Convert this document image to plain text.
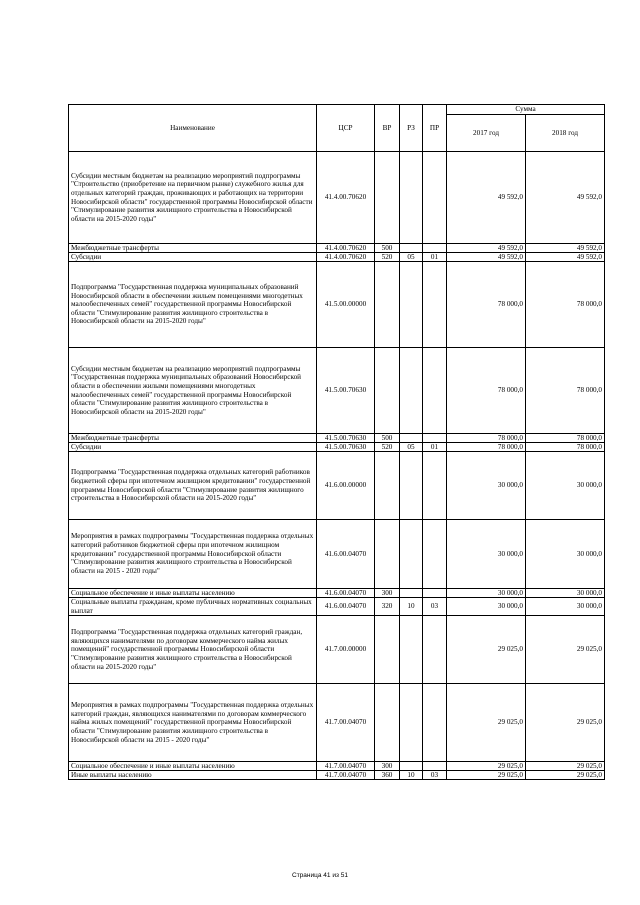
Наименование	ЦСР	ВР	РЗ	ПР	Сумма	
					2017 год	2018 год
Субсидии местным бюджетам на реализацию мероприятий подпрограммы "Строительство (приобретение на первичном рынке) служебного жилья для отдельных категорий граждан, проживающих и работающих на территории Новосибирской области" государственной программы Новосибирской области "Стимулирование развития жилищного строительства в Новосибирской области на 2015-2020 годы"	41.4.00.70620				49 592,0	49 592,0
Межбюджетные трансферты	41.4.00.70620	500			49 592,0	49 592,0
Субсидии	41.4.00.70620	520	05	01	49 592,0	49 592,0
Подпрограмма "Государственная поддержка муниципальных образований Новосибирской области в обеспечении жильем помещениями многодетных малообеспеченных семей" государственной программы Новосибирской области "Стимулирование развития жилищного строительства в Новосибирской области на 2015-2020 годы"	41.5.00.00000				78 000,0	78 000,0
Субсидии местным бюджетам на реализацию мероприятий подпрограммы "Государственная поддержка муниципальных образований Новосибирской области в обеспечении жилыми помещениями многодетных малообеспеченных семей" государственной программы Новосибирской области "Стимулирование развития жилищного строительства в Новосибирской области на 2015-2020 годы"	41.5.00.70630				78 000,0	78 000,0
Межбюджетные трансферты	41.5.00.70630	500			78 000,0	78 000,0
Субсидии	41.5.00.70630	520	05	01	78 000,0	78 000,0
Подпрограмма "Государственная поддержка отдельных категорий работников бюджетной сферы при ипотечном жилищном кредитовании" государственной программы Новосибирской области "Стимулирование развития жилищного строительства в Новосибирской области на 2015-2020 годы"	41.6.00.00000				30 000,0	30 000,0
Мероприятия в рамках подпрограммы "Государственная поддержка отдельных категорий работников бюджетной сферы при ипотечном жилищном кредитовании" государственной программы Новосибирской области "Стимулирование развития жилищного строительства в Новосибирской области на 2015 - 2020 годы"	41.6.00.04070				30 000,0	30 000,0
Социальное обеспечение и иные выплаты населению	41.6.00.04070	300			30 000,0	30 000,0
Социальные выплаты гражданам, кроме публичных нормативных социальных выплат	41.6.00.04070	320	10	03	30 000,0	30 000,0
Подпрограмма "Государственная поддержка отдельных категорий граждан, являющихся нанимателями по договорам коммерческого найма жилых помещений" государственной программы Новосибирской области "Стимулирование развития жилищного строительства в Новосибирской области на 2015-2020 годы"	41.7.00.00000				29 025,0	29 025,0
Мероприятия в рамках подпрограммы "Государственная поддержка отдельных категорий граждан, являющихся нанимателями по договорам коммерческого найма жилых помещений" государственной программы Новосибирской области "Стимулирование развития жилищного строительства в Новосибирской области на 2015 - 2020 годы"	41.7.00.04070				29 025,0	29 025,0
Социальное обеспечение и иные выплаты населению	41.7.00.04070	300			29 025,0	29 025,0
Иные выплаты населению	41.7.00.04070	360	10	03	29 025,0	29 025,0
Страница 41 из 51
